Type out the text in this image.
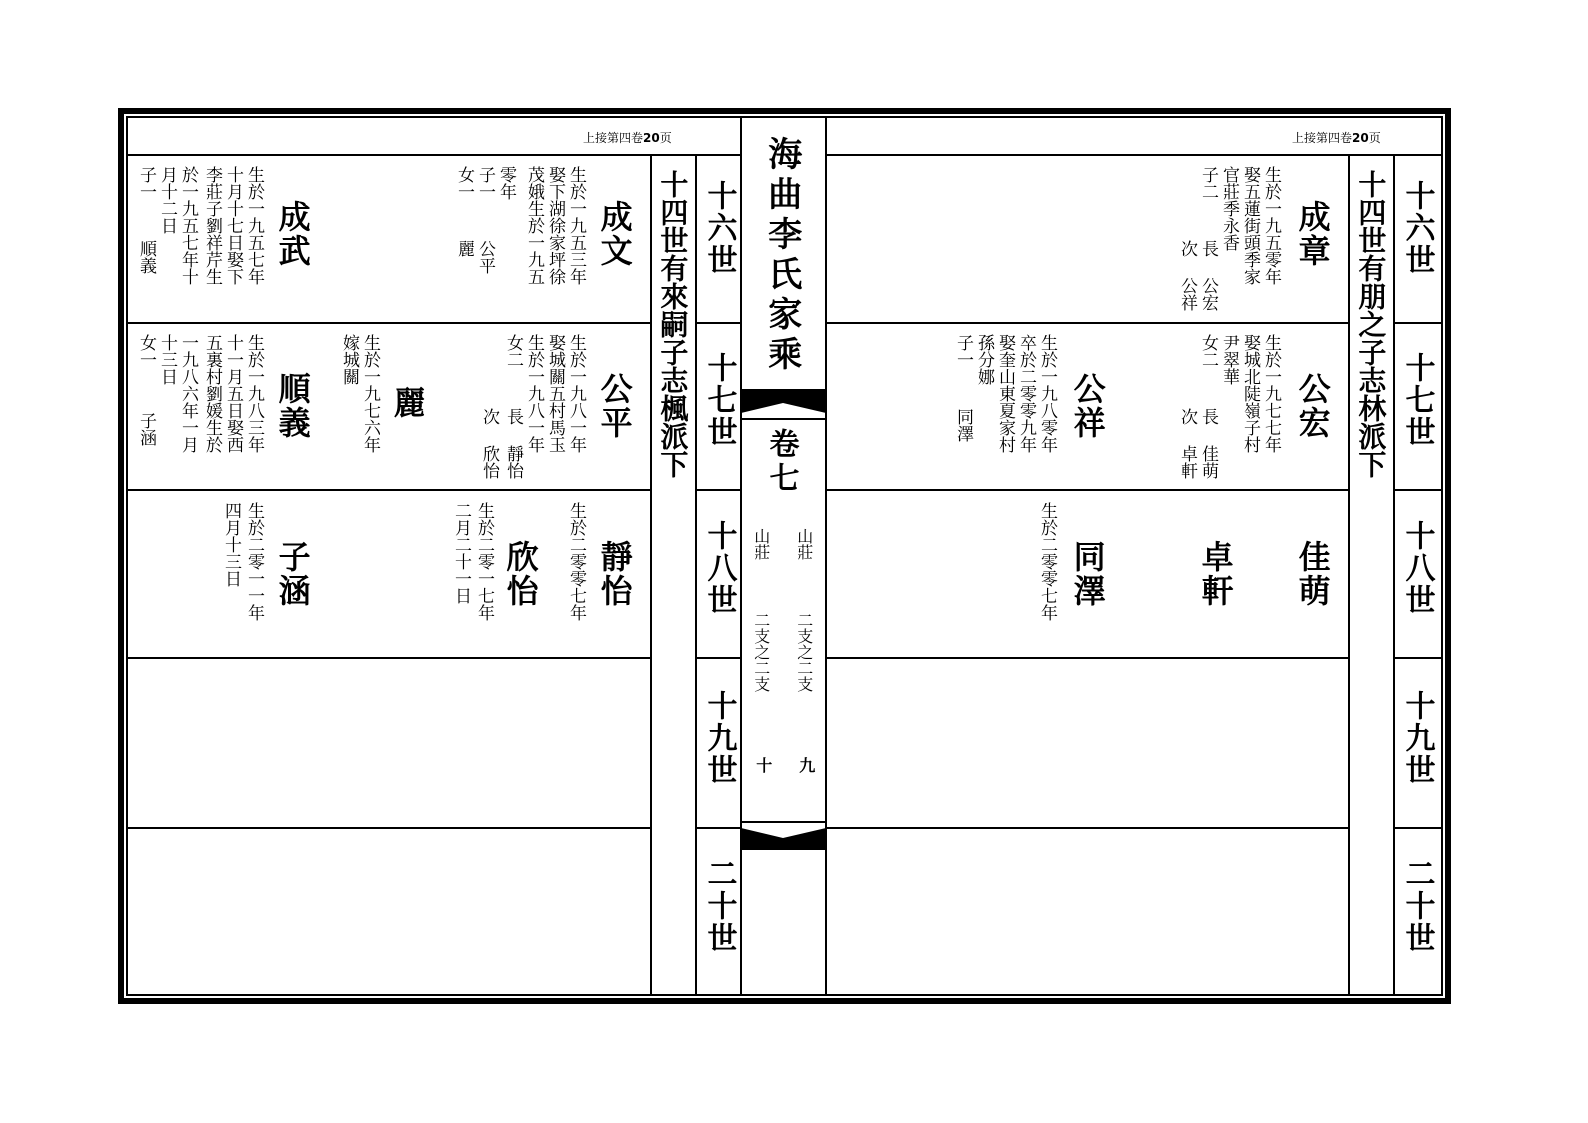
上接第四卷20页	上接第四卷20页
海曲李氏家乘
卷七
山莊
二支之二支
九
山莊
二支之二支
十
十六世
十七世
十八世
十九世
二十世
十四世有朋之子志林派下
成章
生於一九五零年
娶五蓮街頭季家
官莊季永香
子二
長 公宏
次 公祥
公宏
生於一九七七年
娶城北陡嶺子村
尹翠華
女二
長 佳萌
次 卓軒
公祥
生於一九八零年
卒於二零零九年
娶奎山東夏家村
孫分娜
子一
同澤
佳萌
卓軒
同澤
生於二零零七年
十六世
十七世
十八世
十九世
二十世
十四世有來嗣子志楓派下
成文
生於一九五三年
娶下湖徐家坪徐
茂娥生於一九五
零年
子一
女一
公平
麗
成武
生於一九五七年
十月十七日娶下
李莊子劉祥芹生
於一九五七年十
月十二日
子一
順義
公平
生於一九八一年
娶城關五村馬玉
生於一九八一年
女二
長 靜怡
次 欣怡
麗
生於一九七六年
嫁城關
順義
生於一九八三年
十一月五日娶西
五裏村劉媛生於
一九八六年一月
十三日
女一
子涵
靜怡
生於二零零七年
欣怡
生於二零一七年
二月二十一日
子涵
生於二零一一年
四月十三日
